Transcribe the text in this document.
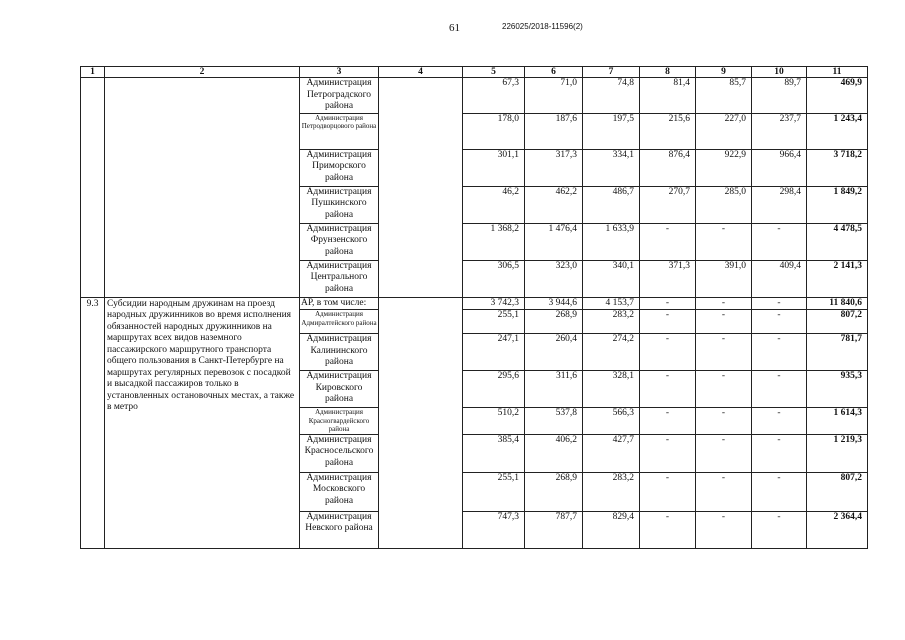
61	226025/2018-11596(2)
1	2	3	4	5	6	7	8	9	10	11
		Администрация Петроградского района		67,3	71,0	74,8	81,4	85,7	89,7	469,9
		Администрация Петродворцового района		178,0	187,6	197,5	215,6	227,0	237,7	1 243,4
		Администрация Приморского района		301,1	317,3	334,1	876,4	922,9	966,4	3 718,2
		Администрация Пушкинского района		46,2	462,2	486,7	270,7	285,0	298,4	1 849,2
		Администрация Фрунзенского района		1 368,2	1 476,4	1 633,9	-	-	-	4 478,5
		Администрация Центрального района		306,5	323,0	340,1	371,3	391,0	409,4	2 141,3
9.3	Субсидии народным дружинам на проезд народных дружинников во время исполнения обязанностей народных дружинников на маршрутах всех видов наземного пассажирского маршрутного транспорта общего пользования в Санкт-Петербурге на маршрутах регулярных перевозок с посадкой и высадкой пассажиров только в установленных остановочных местах, а также в метро	АР, в том числе:		3 742,3	3 944,6	4 153,7	-	-	-	11 840,6
		Администрация Адмиралтейского района		255,1	268,9	283,2	-	-	-	807,2
		Администрация Калининского района		247,1	260,4	274,2	-	-	-	781,7
		Администрация Кировского района		295,6	311,6	328,1	-	-	-	935,3
		Администрация Красногвардейского района		510,2	537,8	566,3	-	-	-	1 614,3
		Администрация Красносельского района		385,4	406,2	427,7	-	-	-	1 219,3
		Администрация Московского района		255,1	268,9	283,2	-	-	-	807,2
		Администрация Невского района		747,3	787,7	829,4	-	-	-	2 364,4
